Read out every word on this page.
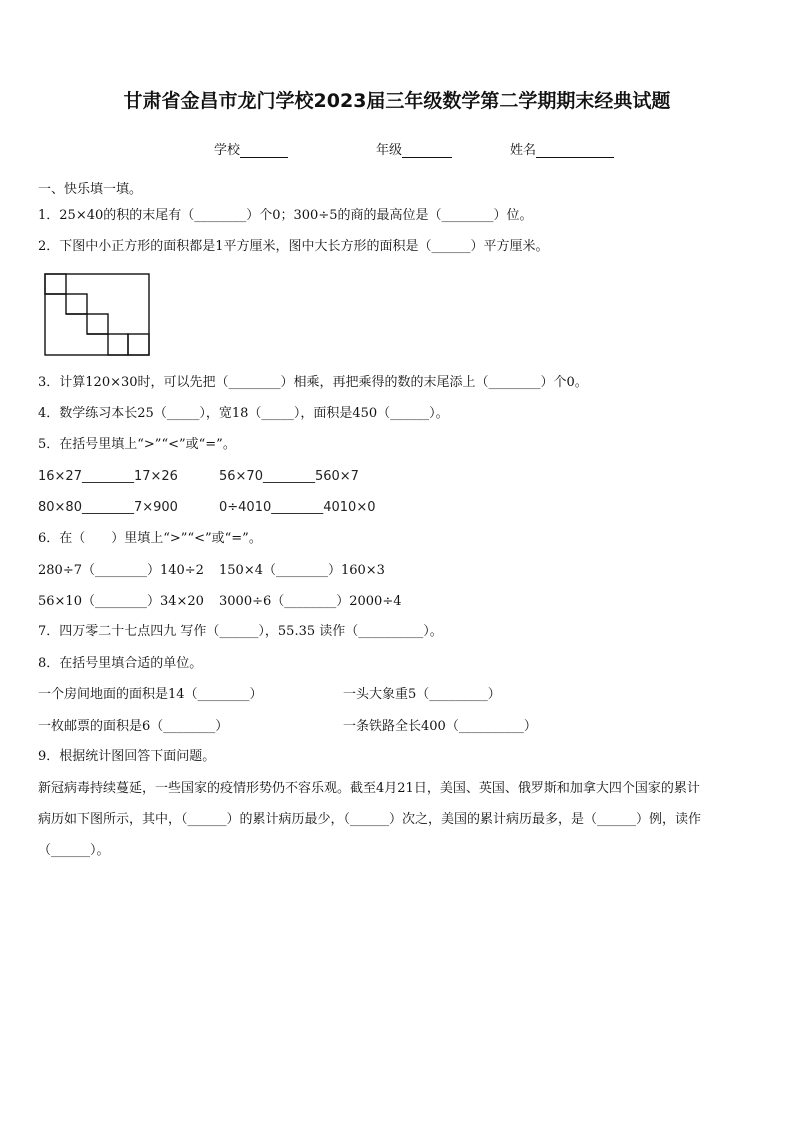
甘肃省金昌市龙门学校2023届三年级数学第二学期期末经典试题
学校	年级	姓名
一、快乐填一填。
1．25×40的积的末尾有（________）个0；300÷5的商的最高位是（________）位。
2．下图中小正方形的面积都是1平方厘米，图中大长方形的面积是（______）平方厘米。
3．计算120×30时，可以先把（________）相乘，再把乘得的数的末尾添上（________）个0。
4．数学练习本长25（_____），宽18（_____），面积是450（______）。
5．在括号里填上“>”“<”或“=”。
16×27________17×26	56×70________560×7
80×80________7×900	0÷4010________4010×0
6．在（　　）里填上“>”“<”或“=”。
280÷7（________）140÷2 150×4（________）160×3
56×10（________）34×20 3000÷6（________）2000÷4
7．四万零二十七点四九 写作（______），55.35 读作（__________）。
8．在括号里填合适的单位。
一个房间地面的面积是14（________）	一头大象重5（_________）
一枚邮票的面积是6（________）	一条铁路全长400（__________）
9．根据统计图回答下面问题。
新冠病毒持续蔓延，一些国家的疫情形势仍不容乐观。截至4月21日，美国、英国、俄罗斯和加拿大四个国家的累计
病历如下图所示，其中，（______）的累计病历最少，（______）次之，美国的累计病历最多，是（______）例，读作
（______）。
